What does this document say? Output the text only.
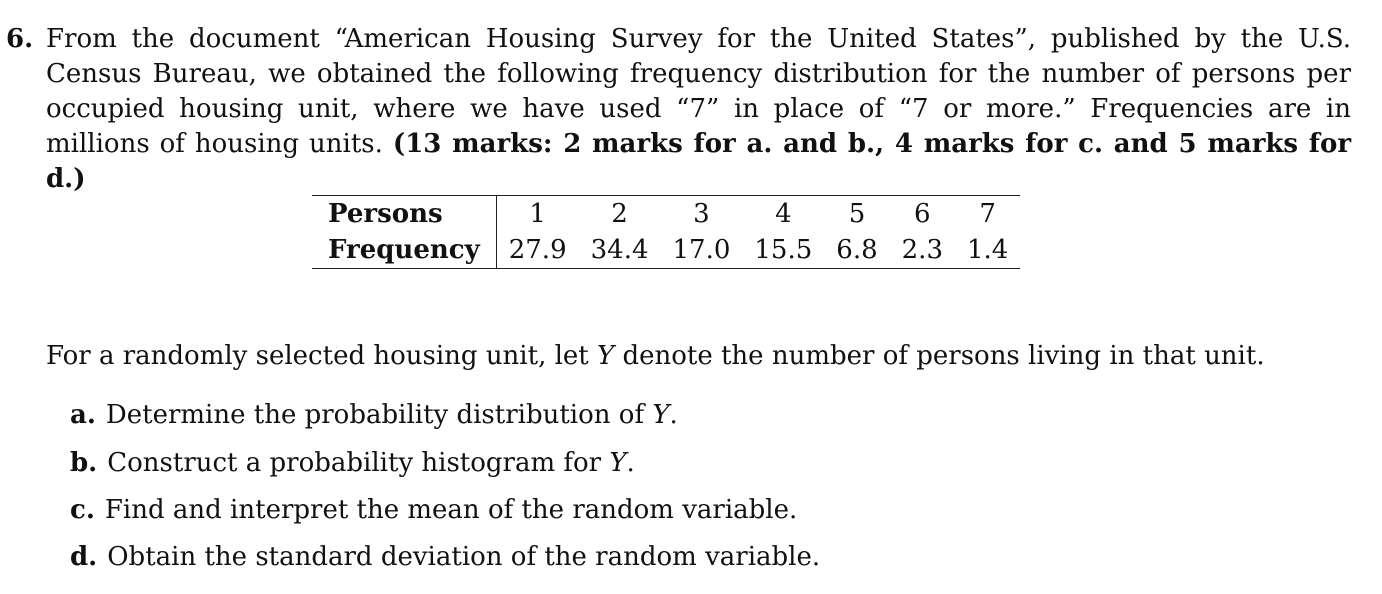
6. From the document “American Housing Survey for the United States”, published by the U.S. Census Bureau, we obtained the following frequency distribution for the number of persons per occupied housing unit, where we have used “7” in place of “7 or more.” Frequencies are in millions of housing units. (13 marks: 2 marks for a. and b., 4 marks for c. and 5 marks for d.)
Persons	1	2	3	4	5	6	7
Frequency	27.9	34.4	17.0	15.5	6.8	2.3	1.4
For a randomly selected housing unit, let Y denote the number of persons living in that unit.
a. Determine the probability distribution of Y.
b. Construct a probability histogram for Y.
c. Find and interpret the mean of the random variable.
d. Obtain the standard deviation of the random variable.
